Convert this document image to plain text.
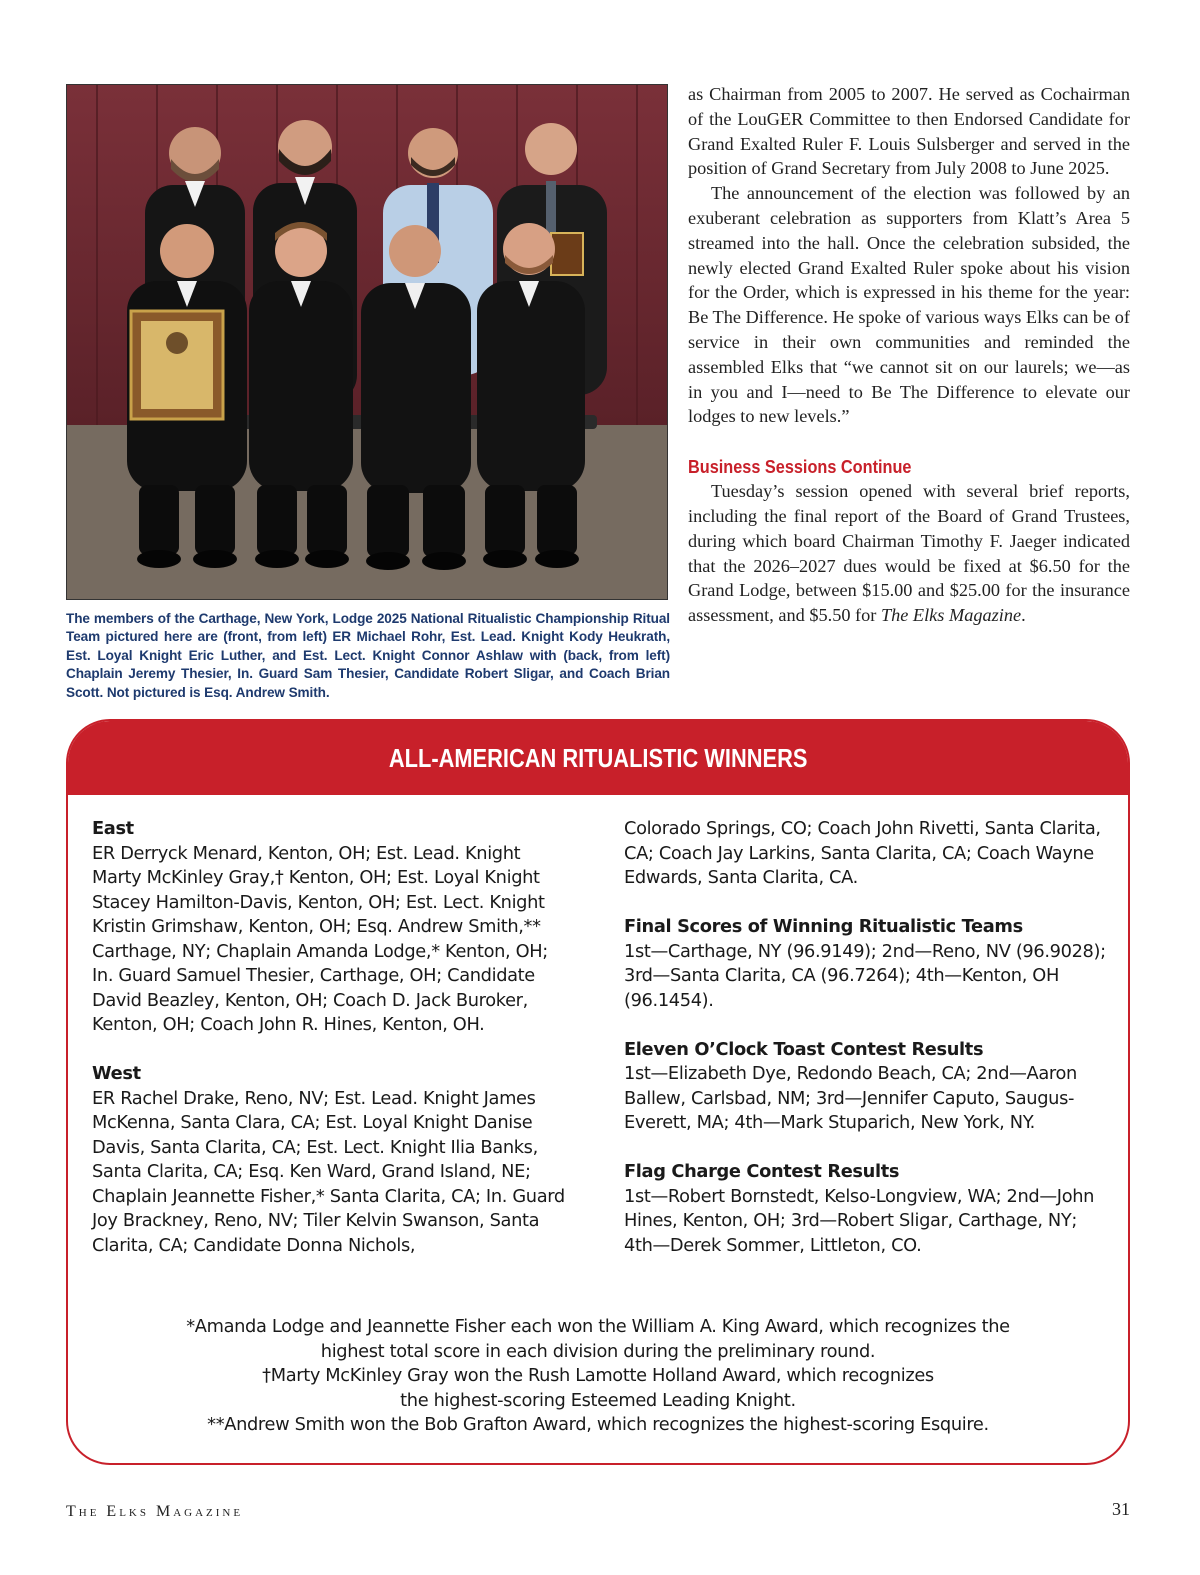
The members of the Carthage, New York, Lodge 2025 National Ritualistic Championship Ritual Team pictured here are (front, from left) ER Michael Rohr, Est. Lead. Knight Kody Heukrath, Est. Loyal Knight Eric Luther, and Est. Lect. Knight Connor Ashlaw with (back, from left) Chaplain Jeremy Thesier, In. Guard Sam Thesier, Candidate Robert Sligar, and Coach Brian Scott. Not pictured is Esq. Andrew Smith.

as Chairman from 2005 to 2007. He served as Cochairman of the LouGER Committee to then Endorsed Candidate for Grand Exalted Ruler F. Louis Sulsberger and served in the position of Grand Secretary from July 2008 to June 2025.

The announcement of the election was followed by an exuberant celebration as supporters from Klatt’s Area 5 streamed into the hall. Once the celebration subsided, the newly elected Grand Exalted Ruler spoke about his vision for the Order, which is expressed in his theme for the year: Be The Difference. He spoke of various ways Elks can be of service in their own communities and reminded the assembled Elks that “we cannot sit on our laurels; we—as in you and I—need to Be The Difference to elevate our lodges to new levels.”

Business Sessions Continue

Tuesday’s session opened with several brief reports, including the final report of the Board of Grand Trustees, during which board Chairman Timothy F. Jaeger indicated that the 2026–2027 dues would be fixed at $6.50 for the Grand Lodge, between $15.00 and $25.00 for the insurance assessment, and $5.50 for The Elks Magazine.

ALL-AMERICAN RITUALISTIC WINNERS
East
ER Derryck Menard, Kenton, OH; Est. Lead. Knight Marty McKinley Gray,† Kenton, OH; Est. Loyal Knight Stacey Hamilton-Davis, Kenton, OH; Est. Lect. Knight Kristin Grimshaw, Kenton, OH; Esq. Andrew Smith,** Carthage, NY; Chaplain Amanda Lodge,* Kenton, OH; In. Guard Samuel Thesier, Carthage, OH; Candidate David Beazley, Kenton, OH; Coach D. Jack Buroker, Kenton, OH; Coach John R. Hines, Kenton, OH.
West
ER Rachel Drake, Reno, NV; Est. Lead. Knight James McKenna, Santa Clara, CA; Est. Loyal Knight Danise Davis, Santa Clarita, CA; Est. Lect. Knight Ilia Banks, Santa Clarita, CA; Esq. Ken Ward, Grand Island, NE; Chaplain Jeannette Fisher,* Santa Clarita, CA; In. Guard Joy Brackney, Reno, NV; Tiler Kelvin Swanson, Santa Clarita, CA; Candidate Donna Nichols,
Colorado Springs, CO; Coach John Rivetti, Santa Clarita, CA; Coach Jay Larkins, Santa Clarita, CA; Coach Wayne Edwards, Santa Clarita, CA.
Final Scores of Winning Ritualistic Teams
1st—Carthage, NY (96.9149); 2nd—Reno, NV (96.9028); 3rd—Santa Clarita, CA (96.7264); 4th—Kenton, OH (96.1454).
Eleven O’Clock Toast Contest Results
1st—Elizabeth Dye, Redondo Beach, CA; 2nd—Aaron Ballew, Carlsbad, NM; 3rd—Jennifer Caputo, Saugus-Everett, MA; 4th—Mark Stuparich, New York, NY.
Flag Charge Contest Results
1st—Robert Bornstedt, Kelso-Longview, WA; 2nd—John Hines, Kenton, OH; 3rd—Robert Sligar, Carthage, NY; 4th—Derek Sommer, Littleton, CO.
*Amanda Lodge and Jeannette Fisher each won the William A. King Award, which recognizes the highest total score in each division during the preliminary round.
†Marty McKinley Gray won the Rush Lamotte Holland Award, which recognizes the highest-scoring Esteemed Leading Knight.
**Andrew Smith won the Bob Grafton Award, which recognizes the highest-scoring Esquire.
The Elks Magazine	31
